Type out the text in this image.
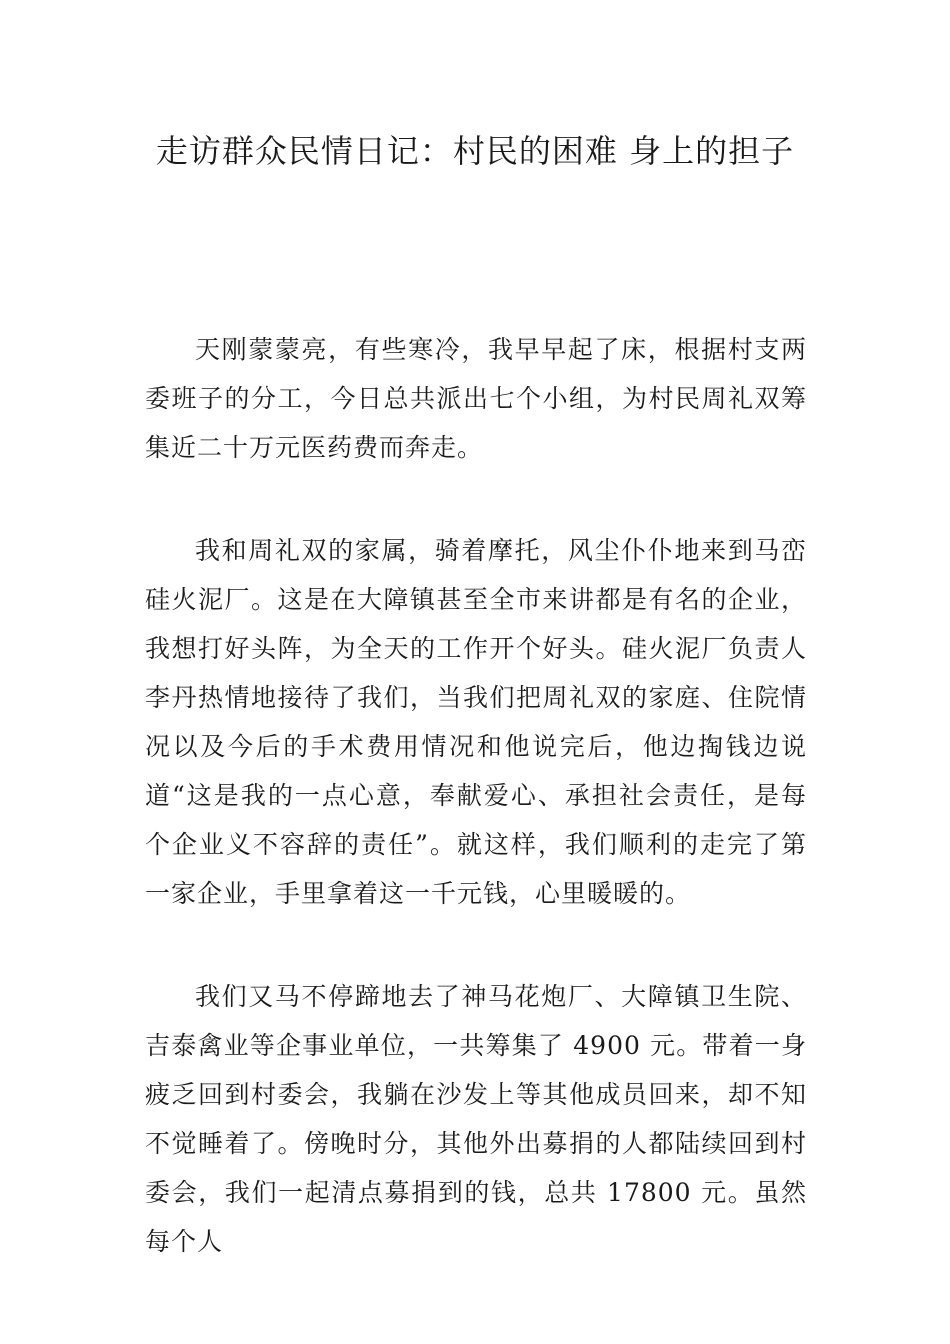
走访群众民情日记：村民的困难 身上的担子

天刚蒙蒙亮，有些寒冷，我早早起了床，根据村支两委班子的分工，今日总共派出七个小组，为村民周礼双筹集近二十万元医药费而奔走。

我和周礼双的家属，骑着摩托，风尘仆仆地来到马峦硅火泥厂。这是在大障镇甚至全市来讲都是有名的企业，我想打好头阵，为全天的工作开个好头。硅火泥厂负责人李丹热情地接待了我们，当我们把周礼双的家庭、住院情况以及今后的手术费用情况和他说完后，他边掏钱边说道“这是我的一点心意，奉献爱心、承担社会责任，是每个企业义不容辞的责任”。就这样，我们顺利的走完了第一家企业，手里拿着这一千元钱，心里暖暖的。

我们又马不停蹄地去了神马花炮厂、大障镇卫生院、吉泰禽业等企事业单位，一共筹集了 4900 元。带着一身疲乏回到村委会，我躺在沙发上等其他成员回来，却不知不觉睡着了。傍晚时分，其他外出募捐的人都陆续回到村委会，我们一起清点募捐到的钱，总共 17800 元。虽然每个人
